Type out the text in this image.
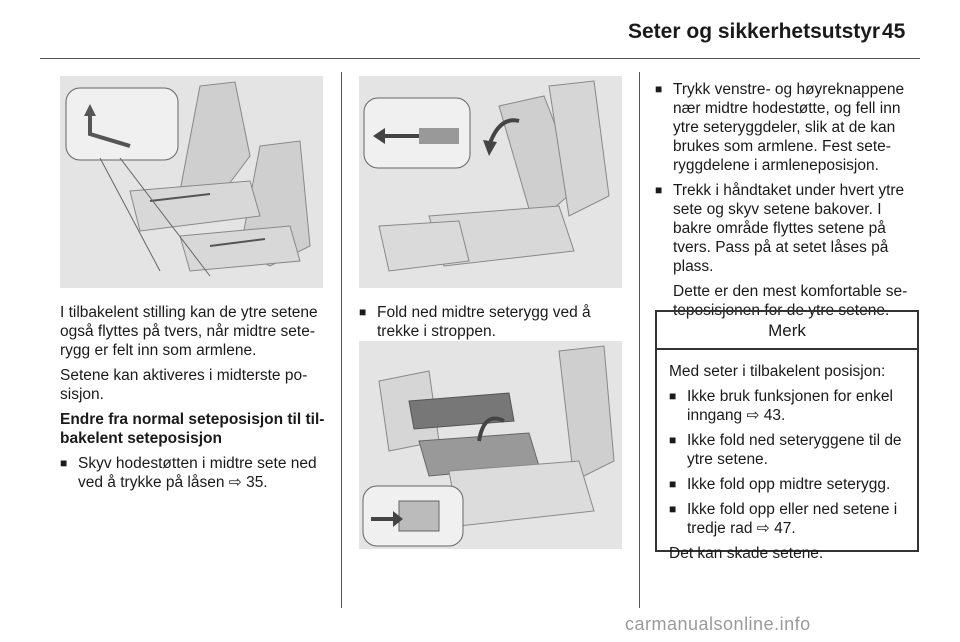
Seter og sikkerhetsutstyr 45

I tilbakelent stilling kan de ytre setene også flyttes på tvers, når midtre sete-rygg er felt inn som armlene.

Setene kan aktiveres i midterste po-sisjon.

Endre fra normal seteposisjon til til-bakelent seteposisjon

■ Skyv hodestøtten i midtre sete ned ved å trykke på låsen ⇨ 35.
■ Fold ned midtre seterygg ved å trekke i stroppen.
■ Trykk venstre- og høyreknappene nær midtre hodestøtte, og fell inn ytre seteryggdeler, slik at de kan brukes som armlene. Fest sete-ryggdelene i armleneposisjon.
■ Trekk i håndtaket under hvert ytre sete og skyv setene bakover. I bakre område flyttes setene på tvers. Pass på at setet låses på plass.

Dette er den mest komfortable se-teposisjonen for de ytre setene.

Merk

Med seter i tilbakelent posisjon:

■ Ikke bruk funksjonen for enkel inngang ⇨ 43.
■ Ikke fold ned seteryggene til de ytre setene.
■ Ikke fold opp midtre seterygg.
■ Ikke fold opp eller ned setene i tredje rad ⇨ 47.

Det kan skade setene.

carmanualsonline.info
